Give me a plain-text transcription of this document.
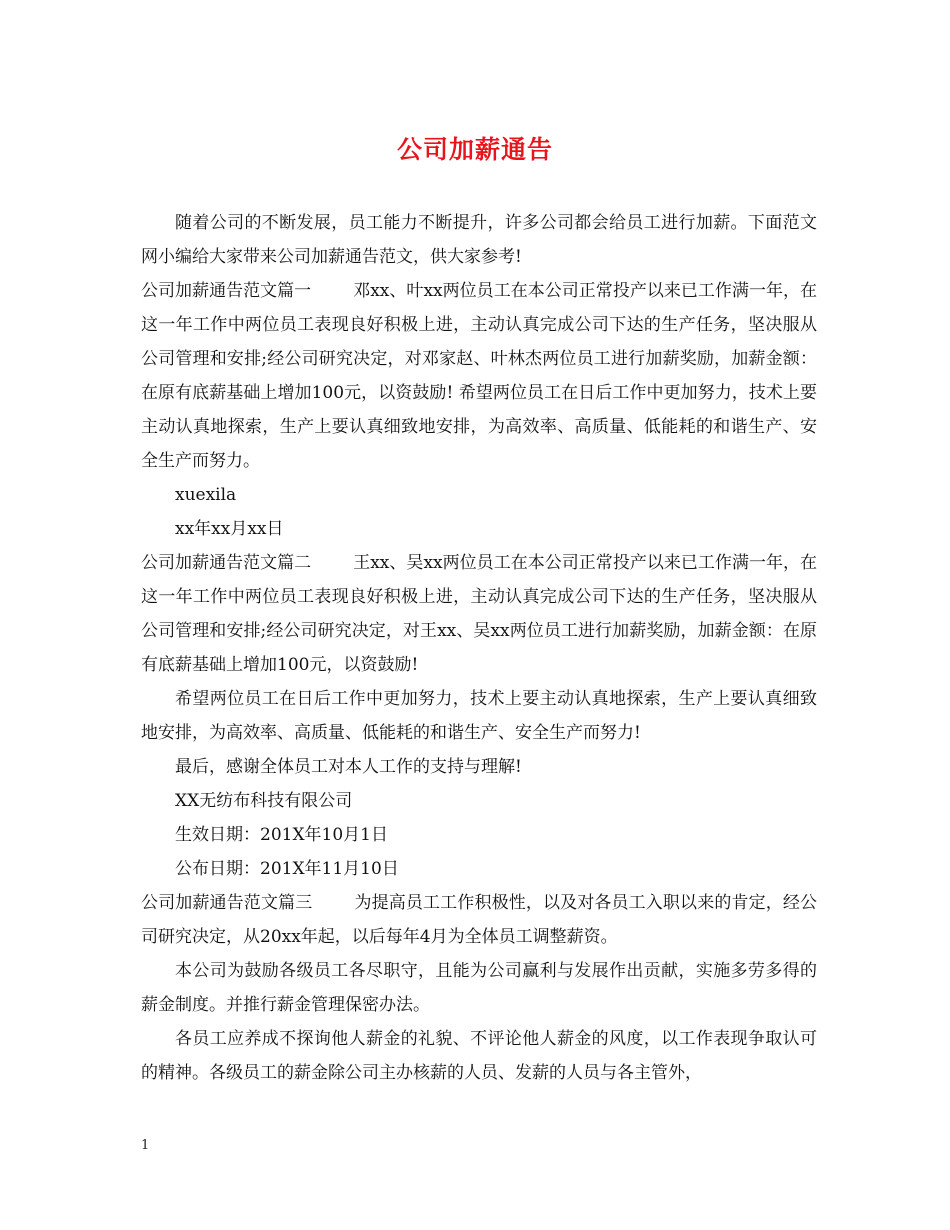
公司加薪通告

随着公司的不断发展，员工能力不断提升，许多公司都会给员工进行加薪。下面范文网小编给大家带来公司加薪通告范文，供大家参考!

公司加薪通告范文篇一 邓xx、叶xx两位员工在本公司正常投产以来已工作满一年，在这一年工作中两位员工表现良好积极上进，主动认真完成公司下达的生产任务，坚决服从公司管理和安排;经公司研究决定，对邓家赵、叶林杰两位员工进行加薪奖励，加薪金额：在原有底薪基础上增加100元，以资鼓励! 希望两位员工在日后工作中更加努力，技术上要主动认真地探索，生产上要认真细致地安排，为高效率、高质量、低能耗的和谐生产、安全生产而努力。

xuexila

xx年xx月xx日

公司加薪通告范文篇二 王xx、吴xx两位员工在本公司正常投产以来已工作满一年，在这一年工作中两位员工表现良好积极上进，主动认真完成公司下达的生产任务，坚决服从公司管理和安排;经公司研究决定，对王xx、吴xx两位员工进行加薪奖励，加薪金额：在原有底薪基础上增加100元，以资鼓励!

希望两位员工在日后工作中更加努力，技术上要主动认真地探索，生产上要认真细致地安排，为高效率、高质量、低能耗的和谐生产、安全生产而努力!

最后，感谢全体员工对本人工作的支持与理解!

XX无纺布科技有限公司

生效日期：201X年10月1日

公布日期：201X年11月10日

公司加薪通告范文篇三 为提高员工工作积极性，以及对各员工入职以来的肯定，经公司研究决定，从20xx年起，以后每年4月为全体员工调整薪资。

本公司为鼓励各级员工各尽职守，且能为公司赢利与发展作出贡献，实施多劳多得的薪金制度。并推行薪金管理保密办法。

各员工应养成不探询他人薪金的礼貌、不评论他人薪金的风度，以工作表现争取认可的精神。各级员工的薪金除公司主办核薪的人员、发薪的人员与各主管外，

1
